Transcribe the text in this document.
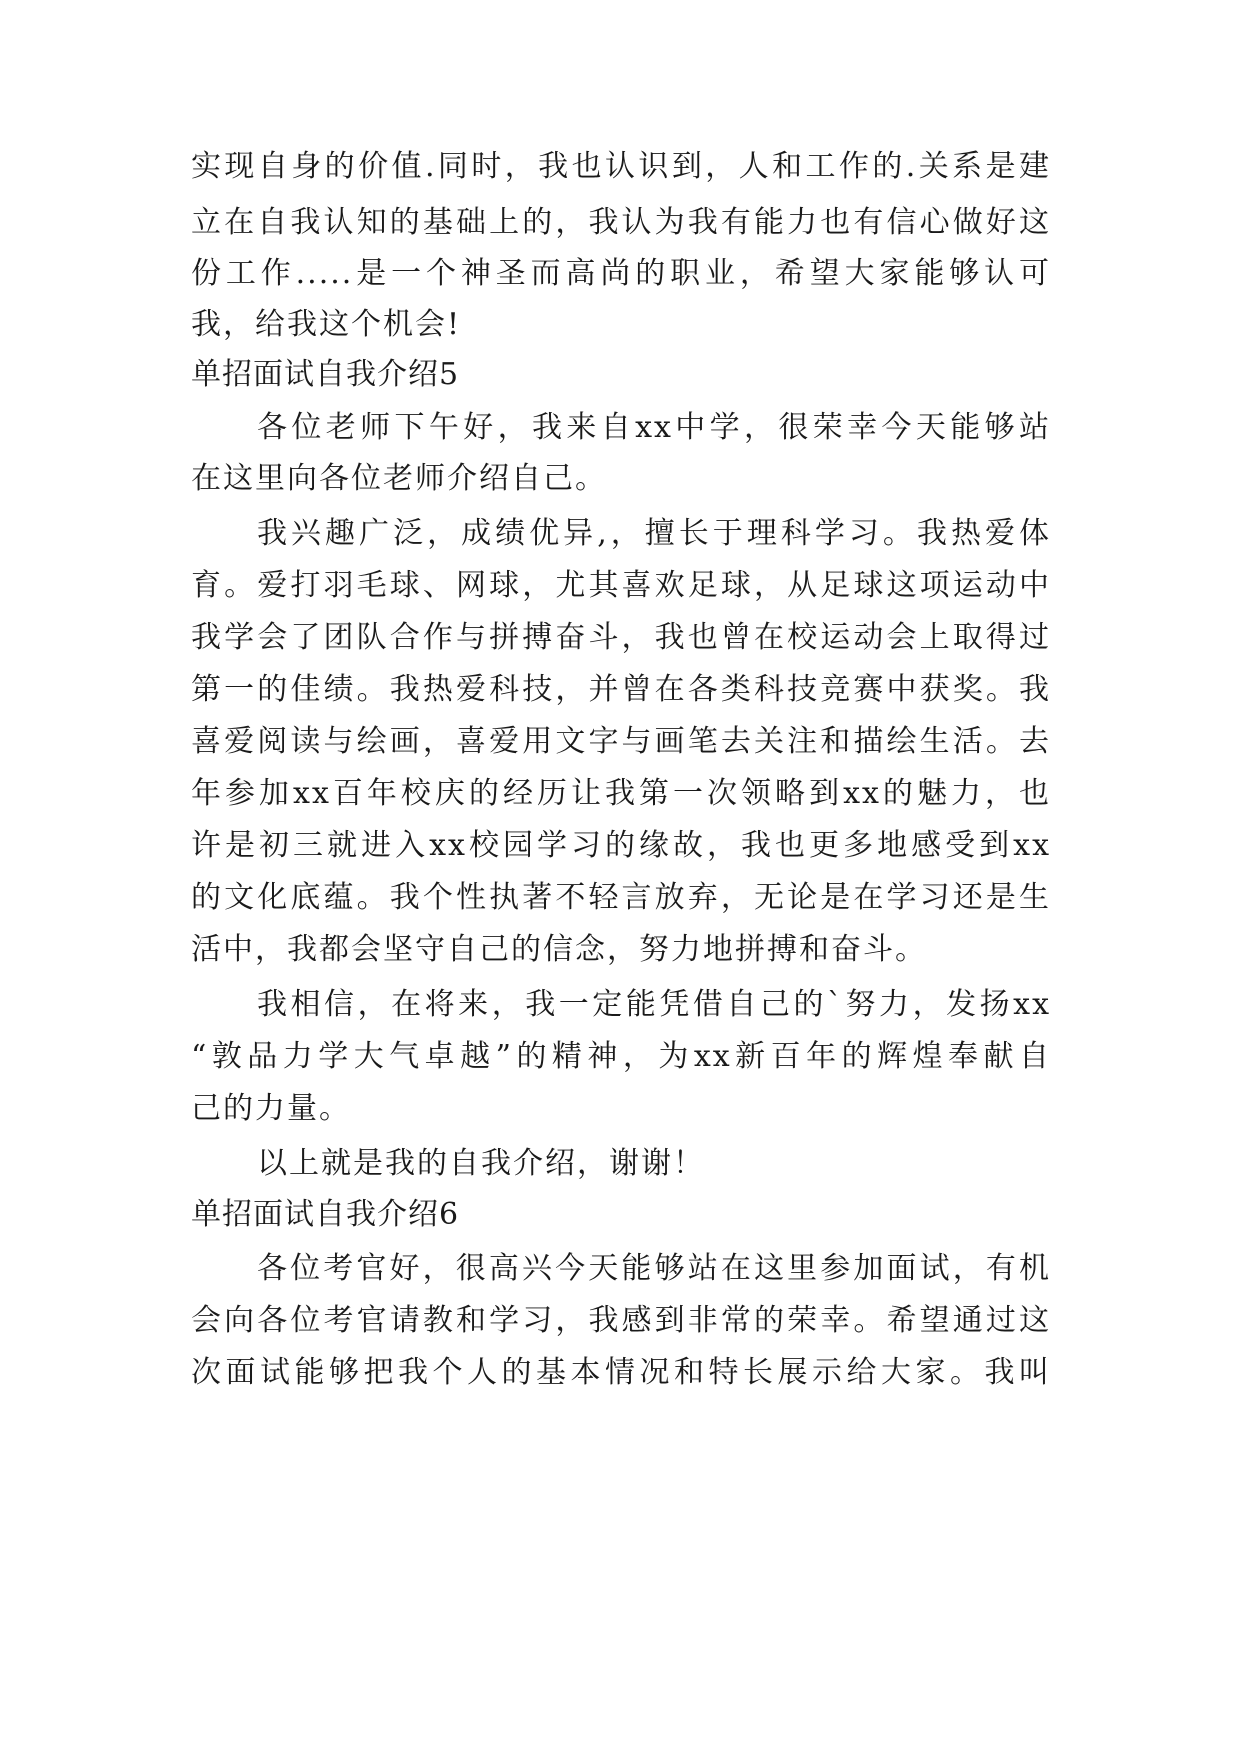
实现自身的价值.同时，我也认识到，人和工作的.关系是建
立在自我认知的基础上的，我认为我有能力也有信心做好这
份工作.....是一个神圣而高尚的职业，希望大家能够认可
我，给我这个机会!
单招面试自我介绍5
各位老师下午好，我来自xx中学，很荣幸今天能够站
在这里向各位老师介绍自己。
我兴趣广泛，成绩优异,，擅长于理科学习。我热爱体
育。爱打羽毛球、网球，尤其喜欢足球，从足球这项运动中
我学会了团队合作与拼搏奋斗，我也曾在校运动会上取得过
第一的佳绩。我热爱科技，并曾在各类科技竞赛中获奖。我
喜爱阅读与绘画，喜爱用文字与画笔去关注和描绘生活。去
年参加xx百年校庆的经历让我第一次领略到xx的魅力，也
许是初三就进入xx校园学习的缘故，我也更多地感受到xx
的文化底蕴。我个性执著不轻言放弃，无论是在学习还是生
活中，我都会坚守自己的信念，努力地拼搏和奋斗。
我相信，在将来，我一定能凭借自己的`努力，发扬xx
“敦品力学大气卓越”的精神，为xx新百年的辉煌奉献自
己的力量。
以上就是我的自我介绍，谢谢！
单招面试自我介绍6
各位考官好，很高兴今天能够站在这里参加面试，有机
会向各位考官请教和学习，我感到非常的荣幸。希望通过这
次面试能够把我个人的基本情况和特长展示给大家。我叫
